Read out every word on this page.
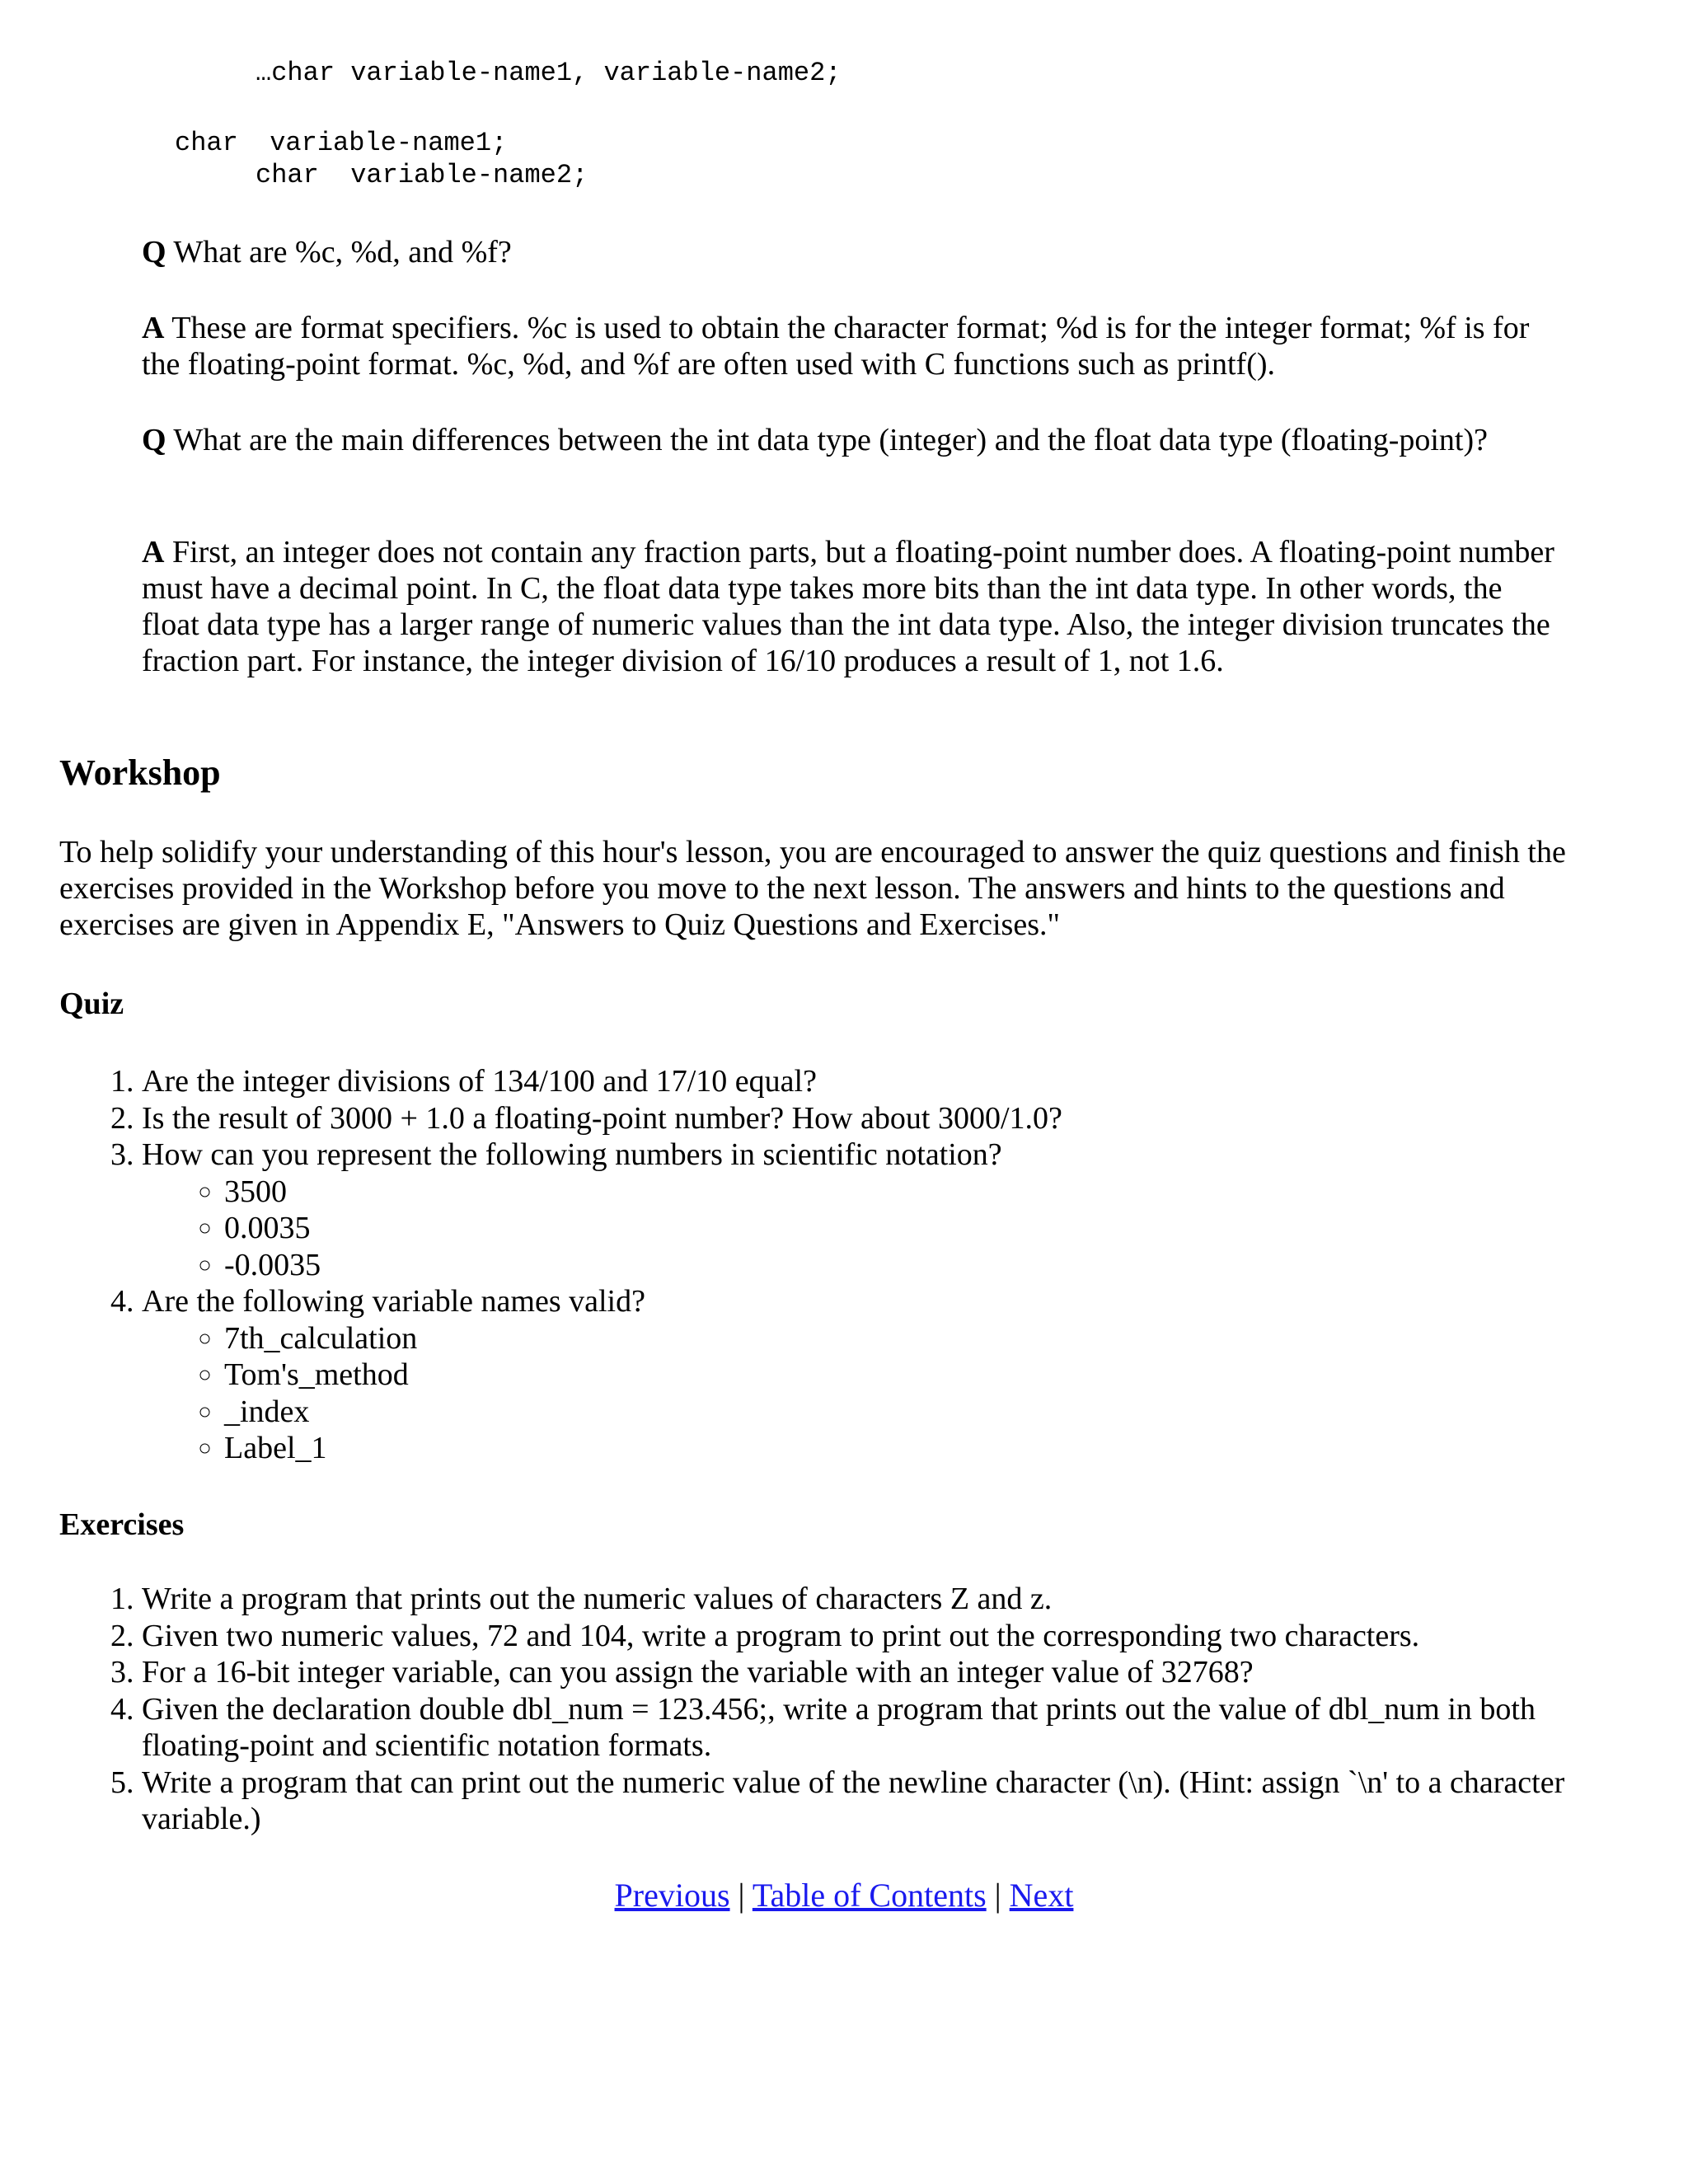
…char variable-name1, variable-name2;
char  variable-name1;
char  variable-name2;
Q What are %c, %d, and %f?
A These are format specifiers. %c is used to obtain the character format; %d is for the integer format; %f is for the floating-point format. %c, %d, and %f are often used with C functions such as printf().
Q What are the main differences between the int data type (integer) and the float data type (floating-point)?
A First, an integer does not contain any fraction parts, but a floating-point number does. A floating-point number must have a decimal point. In C, the float data type takes more bits than the int data type. In other words, the float data type has a larger range of numeric values than the int data type. Also, the integer division truncates the fraction part. For instance, the integer division of 16/10 produces a result of 1, not 1.6.
Workshop
To help solidify your understanding of this hour's lesson, you are encouraged to answer the quiz questions and finish the exercises provided in the Workshop before you move to the next lesson. The answers and hints to the questions and exercises are given in Appendix E, "Answers to Quiz Questions and Exercises."
Quiz
1. Are the integer divisions of 134/100 and 17/10 equal?
2. Is the result of 3000 + 1.0 a floating-point number? How about 3000/1.0?
3. How can you represent the following numbers in scientific notation?
◦ 3500
◦ 0.0035
◦ -0.0035
4. Are the following variable names valid?
◦ 7th_calculation
◦ Tom's_method
◦ _index
◦ Label_1
Exercises
1. Write a program that prints out the numeric values of characters Z and z.
2. Given two numeric values, 72 and 104, write a program to print out the corresponding two characters.
3. For a 16-bit integer variable, can you assign the variable with an integer value of 32768?
4. Given the declaration double dbl_num = 123.456;, write a program that prints out the value of dbl_num in both floating-point and scientific notation formats.
5. Write a program that can print out the numeric value of the newline character (\n). (Hint: assign `\n' to a character variable.)
Previous | Table of Contents | Next
